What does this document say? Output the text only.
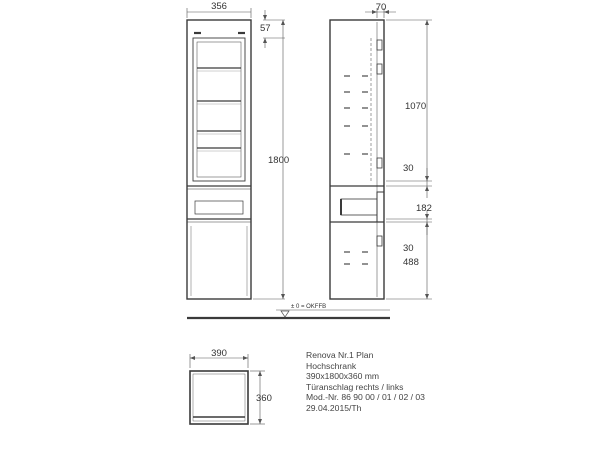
356
57
1800
± 0 = OKFFB
70
1070
30
182
30
488
390
360
Renova Nr.1 Plan
Hochschrank
390x1800x360 mm
Türanschlag rechts / links
Mod.-Nr. 86 90 00 / 01 / 02 / 03
29.04.2015/Th
